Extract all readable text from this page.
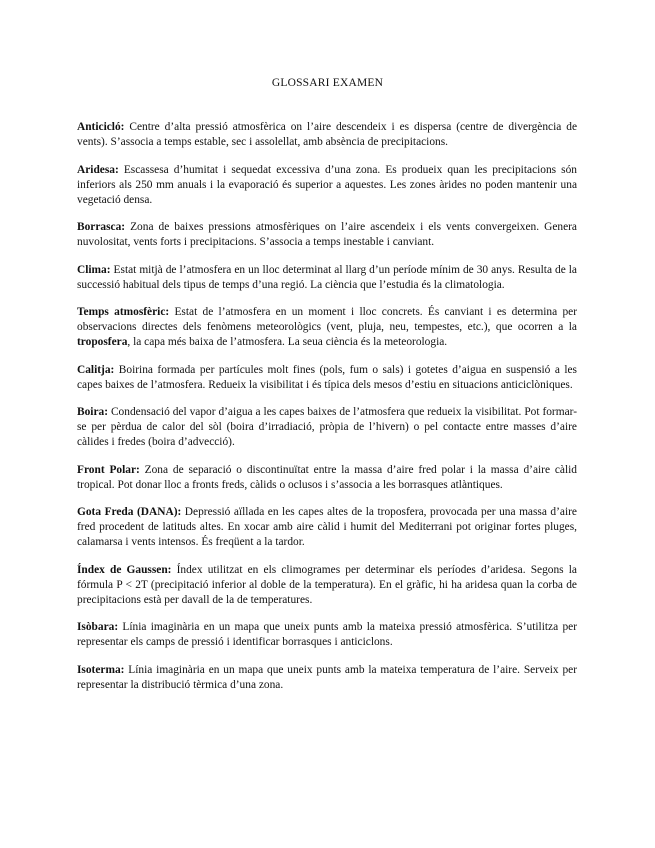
GLOSSARI EXAMEN

Anticicló: Centre d’alta pressió atmosfèrica on l’aire descendeix i es dispersa (centre de divergència de vents). S’associa a temps estable, sec i assolellat, amb absència de precipitacions.

Aridesa: Escassesa d’humitat i sequedat excessiva d’una zona. Es produeix quan les precipitacions són inferiors als 250 mm anuals i la evaporació és superior a aquestes. Les zones àrides no poden mantenir una vegetació densa.

Borrasca: Zona de baixes pressions atmosfèriques on l’aire ascendeix i els vents convergeixen. Genera nuvolositat, vents forts i precipitacions. S’associa a temps inestable i canviant.

Clima: Estat mitjà de l’atmosfera en un lloc determinat al llarg d’un període mínim de 30 anys. Resulta de la successió habitual dels tipus de temps d’una regió. La ciència que l’estudia és la climatologia.

Temps atmosfèric: Estat de l’atmosfera en un moment i lloc concrets. És canviant i es determina per observacions directes dels fenòmens meteorològics (vent, pluja, neu, tempestes, etc.), que ocorren a la troposfera, la capa més baixa de l’atmosfera. La seua ciència és la meteorologia.

Calitja: Boirina formada per partícules molt fines (pols, fum o sals) i gotetes d’aigua en suspensió a les capes baixes de l’atmosfera. Redueix la visibilitat i és típica dels mesos d’estiu en situacions anticiclòniques.

Boira: Condensació del vapor d’aigua a les capes baixes de l’atmosfera que redueix la visibilitat. Pot formar-se per pèrdua de calor del sòl (boira d’irradiació, pròpia de l’hivern) o pel contacte entre masses d’aire càlides i fredes (boira d’advecció).

Front Polar: Zona de separació o discontinuïtat entre la massa d’aire fred polar i la massa d’aire càlid tropical. Pot donar lloc a fronts freds, càlids o oclusos i s’associa a les borrasques atlàntiques.

Gota Freda (DANA): Depressió aïllada en les capes altes de la troposfera, provocada per una massa d’aire fred procedent de latituds altes. En xocar amb aire càlid i humit del Mediterrani pot originar fortes pluges, calamarsa i vents intensos. És freqüent a la tardor.

Índex de Gaussen: Índex utilitzat en els climogrames per determinar els períodes d’aridesa. Segons la fórmula P < 2T (precipitació inferior al doble de la temperatura). En el gràfic, hi ha aridesa quan la corba de precipitacions està per davall de la de temperatures.

Isòbara: Línia imaginària en un mapa que uneix punts amb la mateixa pressió atmosfèrica. S’utilitza per representar els camps de pressió i identificar borrasques i anticiclons.

Isoterma: Línia imaginària en un mapa que uneix punts amb la mateixa temperatura de l’aire. Serveix per representar la distribució tèrmica d’una zona.
